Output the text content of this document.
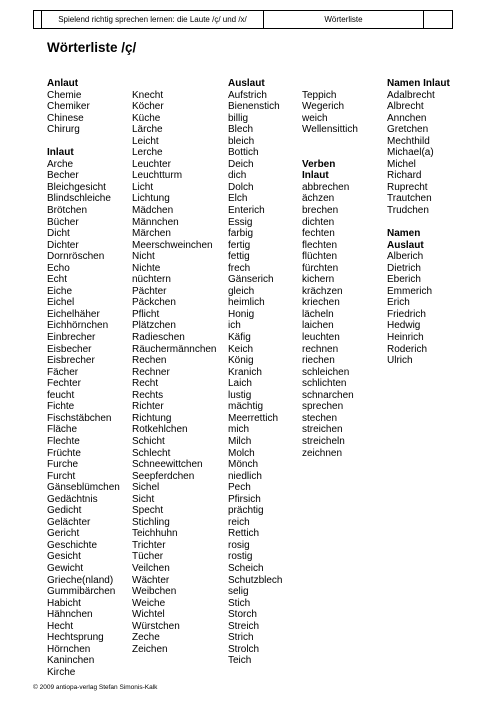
Spielend richtig sprechen lernen: die Laute /ç/ und /x/	Wörterliste
Wörterliste /ç/
Anlaut
Chemie
Chemiker
Chinese
Chirurg
Inlaut
Arche
Becher
Bleichgesicht
Blindschleiche
Brötchen
Bücher
Dicht
Dichter
Dornröschen
Echo
Echt
Eiche
Eichel
Eichelhäher
Eichhörnchen
Einbrecher
Eisbecher
Eisbrecher
Fächer
Fechter
feucht
Fichte
Fischstäbchen
Fläche
Flechte
Früchte
Furche
Furcht
Gänseblümchen
Gedächtnis
Gedicht
Gelächter
Gericht
Geschichte
Gesicht
Gewicht
Grieche(nland)
Gummibärchen
Habicht
Hähnchen
Hecht
Hechtsprung
Hörnchen
Kaninchen
Kirche
Knecht
Köcher
Küche
Lärche
Leicht
Lerche
Leuchter
Leuchtturm
Licht
Lichtung
Mädchen
Männchen
Märchen
Meerschweinchen
Nicht
Nichte
nüchtern
Pächter
Päckchen
Pflicht
Plätzchen
Radieschen
Räuchermännchen
Rechen
Rechner
Recht
Rechts
Richter
Richtung
Rotkehlchen
Schicht
Schlecht
Schneewittchen
Seepferdchen
Sichel
Sicht
Specht
Stichling
Teichhuhn
Trichter
Tücher
Veilchen
Wächter
Weibchen
Weiche
Wichtel
Würstchen
Zeche
Zeichen
Auslaut
Aufstrich
Bienenstich
billig
Blech
bleich
Bottich
Deich
dich
Dolch
Elch
Enterich
Essig
farbig
fertig
fettig
frech
Gänserich
gleich
heimlich
Honig
ich
Käfig
Keich
König
Kranich
Laich
lustig
mächtig
Meerrettich
mich
Milch
Molch
Mönch
niedlich
Pech
Pfirsich
prächtig
reich
Rettich
rosig
rostig
Scheich
Schutzblech
selig
Stich
Storch
Streich
Strich
Strolch
Teich
Teppich
Wegerich
weich
Wellensittich
Verben
Inlaut
abbrechen
ächzen
brechen
dichten
fechten
flechten
flüchten
fürchten
kichern
krächzen
kriechen
lächeln
laichen
leuchten
rechnen
riechen
schleichen
schlichten
schnarchen
sprechen
stechen
streichen
streicheln
zeichnen
Namen Inlaut
Adalbrecht
Albrecht
Annchen
Gretchen
Mechthild
Michael(a)
Michel
Richard
Ruprecht
Trautchen
Trudchen
Namen
Auslaut
Alberich
Dietrich
Eberich
Emmerich
Erich
Friedrich
Hedwig
Heinrich
Roderich
Ulrich
© 2009 antiopa-verlag Stefan Simonis-Kalk
